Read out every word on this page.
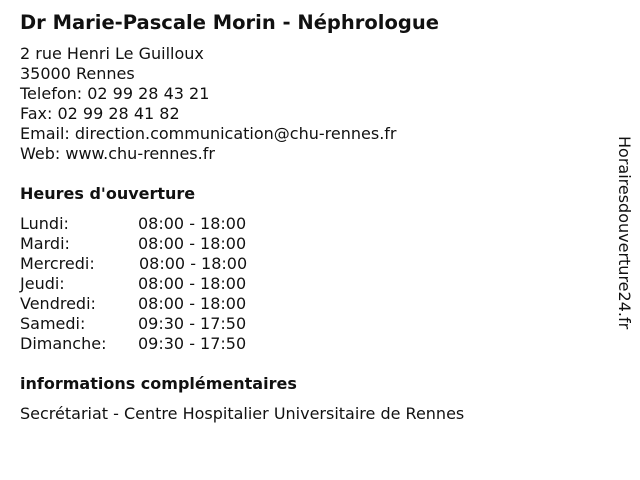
Dr Marie-Pascale Morin - Néphrologue
2 rue Henri Le Guilloux
35000 Rennes
Telefon: 02 99 28 43 21
Fax: 02 99 28 41 82
Email: direction.communication@chu-rennes.fr
Web: www.chu-rennes.fr
Heures d'ouverture
Lundi:	08:00 - 18:00
Mardi:	08:00 - 18:00
Mercredi:	08:00 - 18:00
Jeudi:	08:00 - 18:00
Vendredi:	08:00 - 18:00
Samedi:	09:30 - 17:50
Dimanche: 09:30 - 17:50
informations complémentaires
Secrétariat - Centre Hospitalier Universitaire de Rennes
Horairesdouverture24.fr
